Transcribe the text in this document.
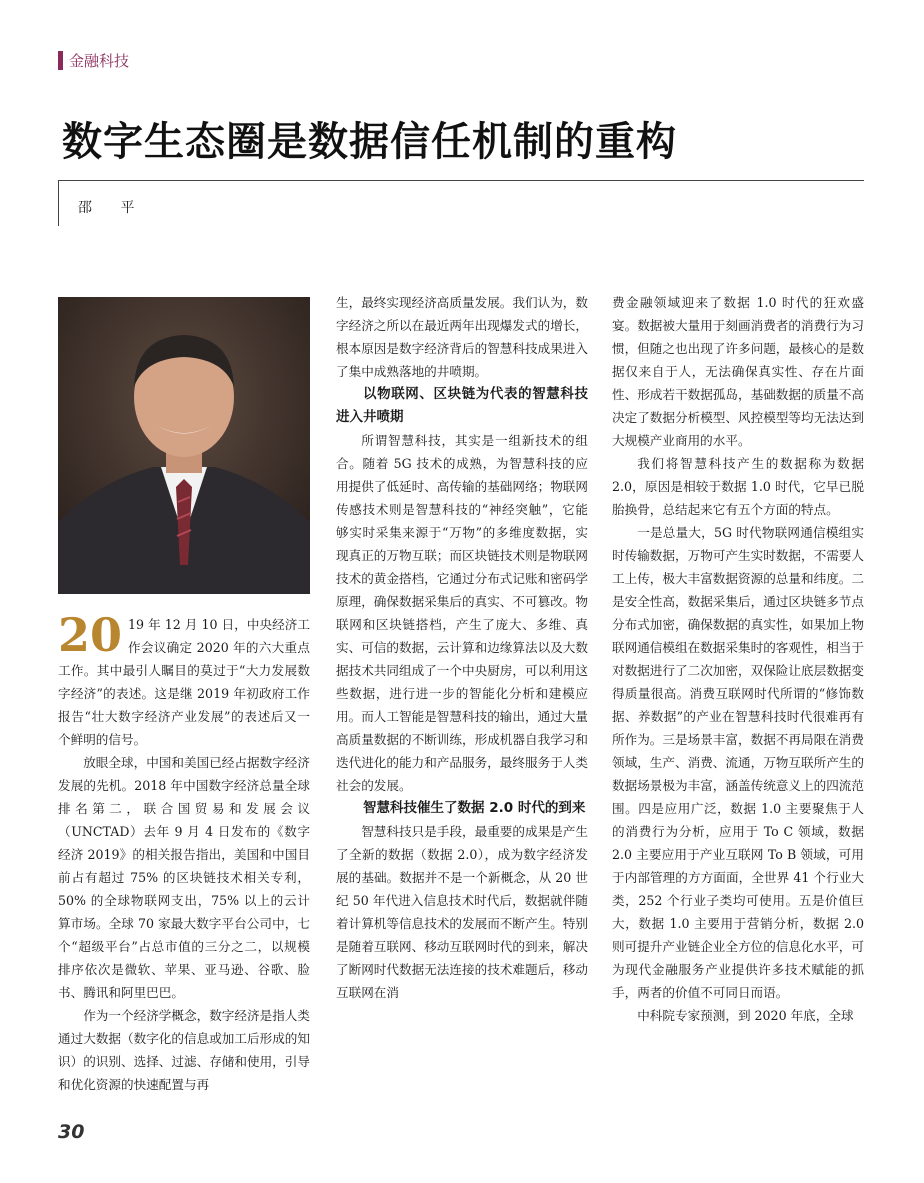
金融科技
数字生态圈是数据信任机制的重构
邵 平

20 19 年 12 月 10 日，中央经济工作会议确定 2020 年的六大重点工作。其中最引人瞩目的莫过于“大力发展数字经济”的表述。这是继 2019 年初政府工作报告“壮大数字经济产业发展”的表述后又一个鲜明的信号。

放眼全球，中国和美国已经占据数字经济发展的先机。2018 年中国数字经济总量全球排名第二，联合国贸易和发展会议（UNCTAD）去年 9 月 4 日发布的《数字经济 2019》的相关报告指出，美国和中国目前占有超过 75% 的区块链技术相关专利，50% 的全球物联网支出，75% 以上的云计算市场。全球 70 家最大数字平台公司中，七个“超级平台”占总市值的三分之二，以规模排序依次是微软、苹果、亚马逊、谷歌、脸书、腾讯和阿里巴巴。

作为一个经济学概念，数字经济是指人类通过大数据（数字化的信息或加工后形成的知识）的识别、选择、过滤、存储和使用，引导和优化资源的快速配置与再

生，最终实现经济高质量发展。我们认为，数字经济之所以在最近两年出现爆发式的增长，根本原因是数字经济背后的智慧科技成果进入了集中成熟落地的井喷期。

以物联网、区块链为代表的智慧科技进入井喷期

所谓智慧科技，其实是一组新技术的组合。随着 5G 技术的成熟，为智慧科技的应用提供了低延时、高传输的基础网络；物联网传感技术则是智慧科技的“神经突触”，它能够实时采集来源于“万物”的多维度数据，实现真正的万物互联；而区块链技术则是物联网技术的黄金搭档，它通过分布式记账和密码学原理，确保数据采集后的真实、不可篡改。物联网和区块链搭档，产生了庞大、多维、真实、可信的数据，云计算和边缘算法以及大数据技术共同组成了一个中央厨房，可以利用这些数据，进行进一步的智能化分析和建模应用。而人工智能是智慧科技的输出，通过大量高质量数据的不断训练，形成机器自我学习和迭代进化的能力和产品服务，最终服务于人类社会的发展。

智慧科技催生了数据 2.0 时代的到来

智慧科技只是手段，最重要的成果是产生了全新的数据（数据 2.0），成为数字经济发展的基础。数据并不是一个新概念，从 20 世纪 50 年代进入信息技术时代后，数据就伴随着计算机等信息技术的发展而不断产生。特别是随着互联网、移动互联网时代的到来，解决了断网时代数据无法连接的技术难题后，移动互联网在消

费金融领域迎来了数据 1.0 时代的狂欢盛宴。数据被大量用于刻画消费者的消费行为习惯，但随之也出现了许多问题，最核心的是数据仅来自于人，无法确保真实性、存在片面性、形成若干数据孤岛，基础数据的质量不高决定了数据分析模型、风控模型等均无法达到大规模产业商用的水平。

我们将智慧科技产生的数据称为数据 2.0，原因是相较于数据 1.0 时代，它早已脱胎换骨，总结起来它有五个方面的特点。

一是总量大，5G 时代物联网通信模组实时传输数据，万物可产生实时数据，不需要人工上传，极大丰富数据资源的总量和纬度。二是安全性高，数据采集后，通过区块链多节点分布式加密，确保数据的真实性，如果加上物联网通信模组在数据采集时的客观性，相当于对数据进行了二次加密，双保险让底层数据变得质量很高。消费互联网时代所谓的“修饰数据、养数据”的产业在智慧科技时代很难再有所作为。三是场景丰富，数据不再局限在消费领域，生产、消费、流通，万物互联所产生的数据场景极为丰富，涵盖传统意义上的四流范围。四是应用广泛，数据 1.0 主要聚焦于人的消费行为分析，应用于 To C 领域，数据 2.0 主要应用于产业互联网 To B 领域，可用于内部管理的方方面面，全世界 41 个行业大类，252 个行业子类均可使用。五是价值巨大，数据 1.0 主要用于营销分析，数据 2.0 则可提升产业链企业全方位的信息化水平，可为现代金融服务产业提供许多技术赋能的抓手，两者的价值不可同日而语。

中科院专家预测，到 2020 年底，全球

30
